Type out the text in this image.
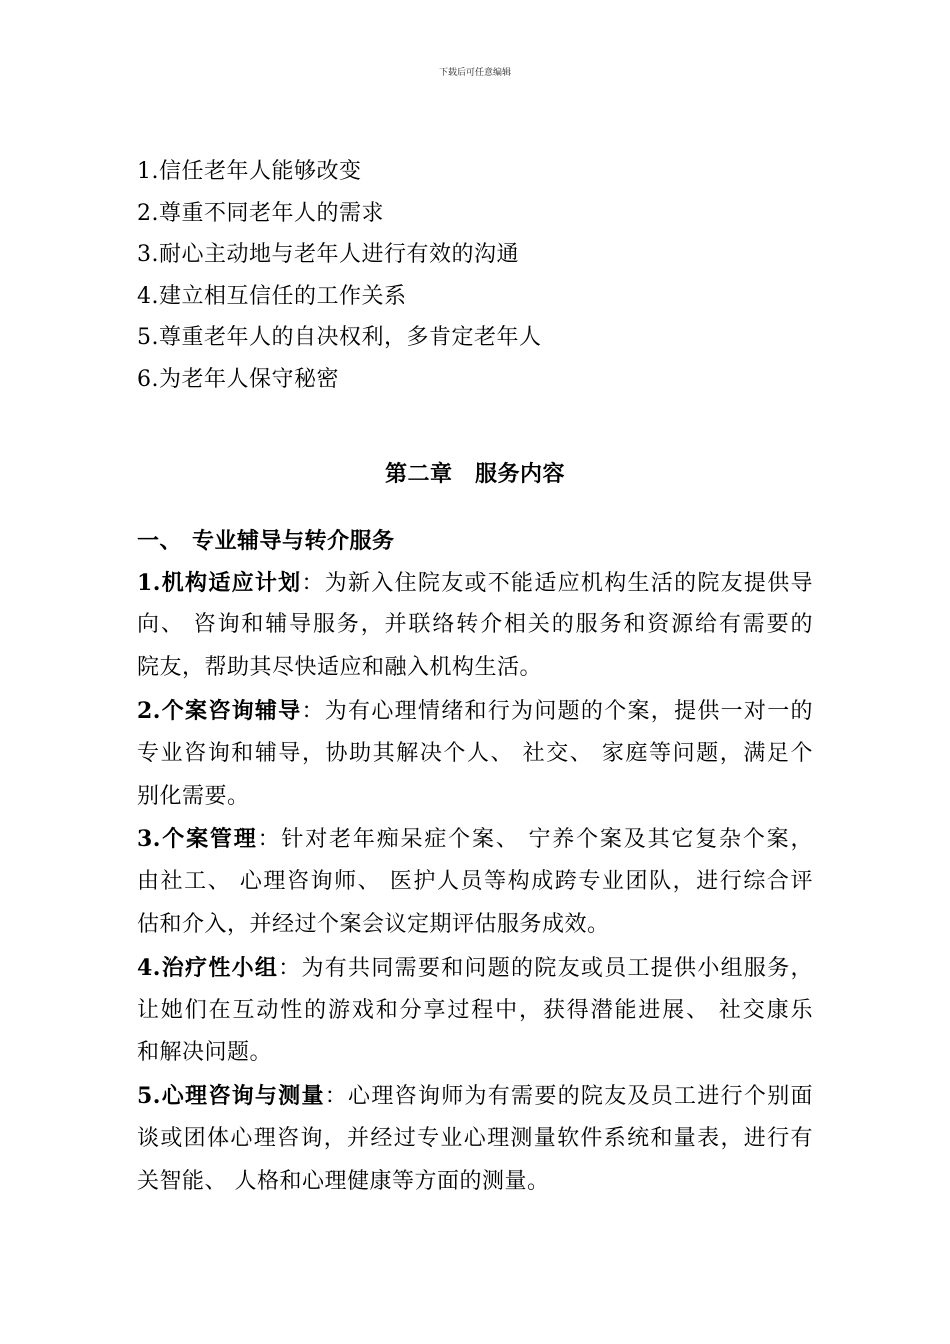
下载后可任意编辑
1.信任老年人能够改变
2.尊重不同老年人的需求
3.耐心主动地与老年人进行有效的沟通
4.建立相互信任的工作关系
5.尊重老年人的自决权利，多肯定老年人
6.为老年人保守秘密
第二章　服务内容
一、 专业辅导与转介服务
1.机构适应计划：为新入住院友或不能适应机构生活的院友提供导
向、 咨询和辅导服务，并联络转介相关的服务和资源给有需要的
院友，帮助其尽快适应和融入机构生活。
2.个案咨询辅导：为有心理情绪和行为问题的个案，提供一对一的
专业咨询和辅导，协助其解决个人、 社交、 家庭等问题，满足个
别化需要。
3.个案管理：针对老年痴呆症个案、 宁养个案及其它复杂个案，
由社工、 心理咨询师、 医护人员等构成跨专业团队，进行综合评
估和介入，并经过个案会议定期评估服务成效。
4.治疗性小组：为有共同需要和问题的院友或员工提供小组服务，
让她们在互动性的游戏和分享过程中，获得潜能进展、 社交康乐
和解决问题。
5.心理咨询与测量：心理咨询师为有需要的院友及员工进行个别面
谈或团体心理咨询，并经过专业心理测量软件系统和量表，进行有
关智能、 人格和心理健康等方面的测量。
